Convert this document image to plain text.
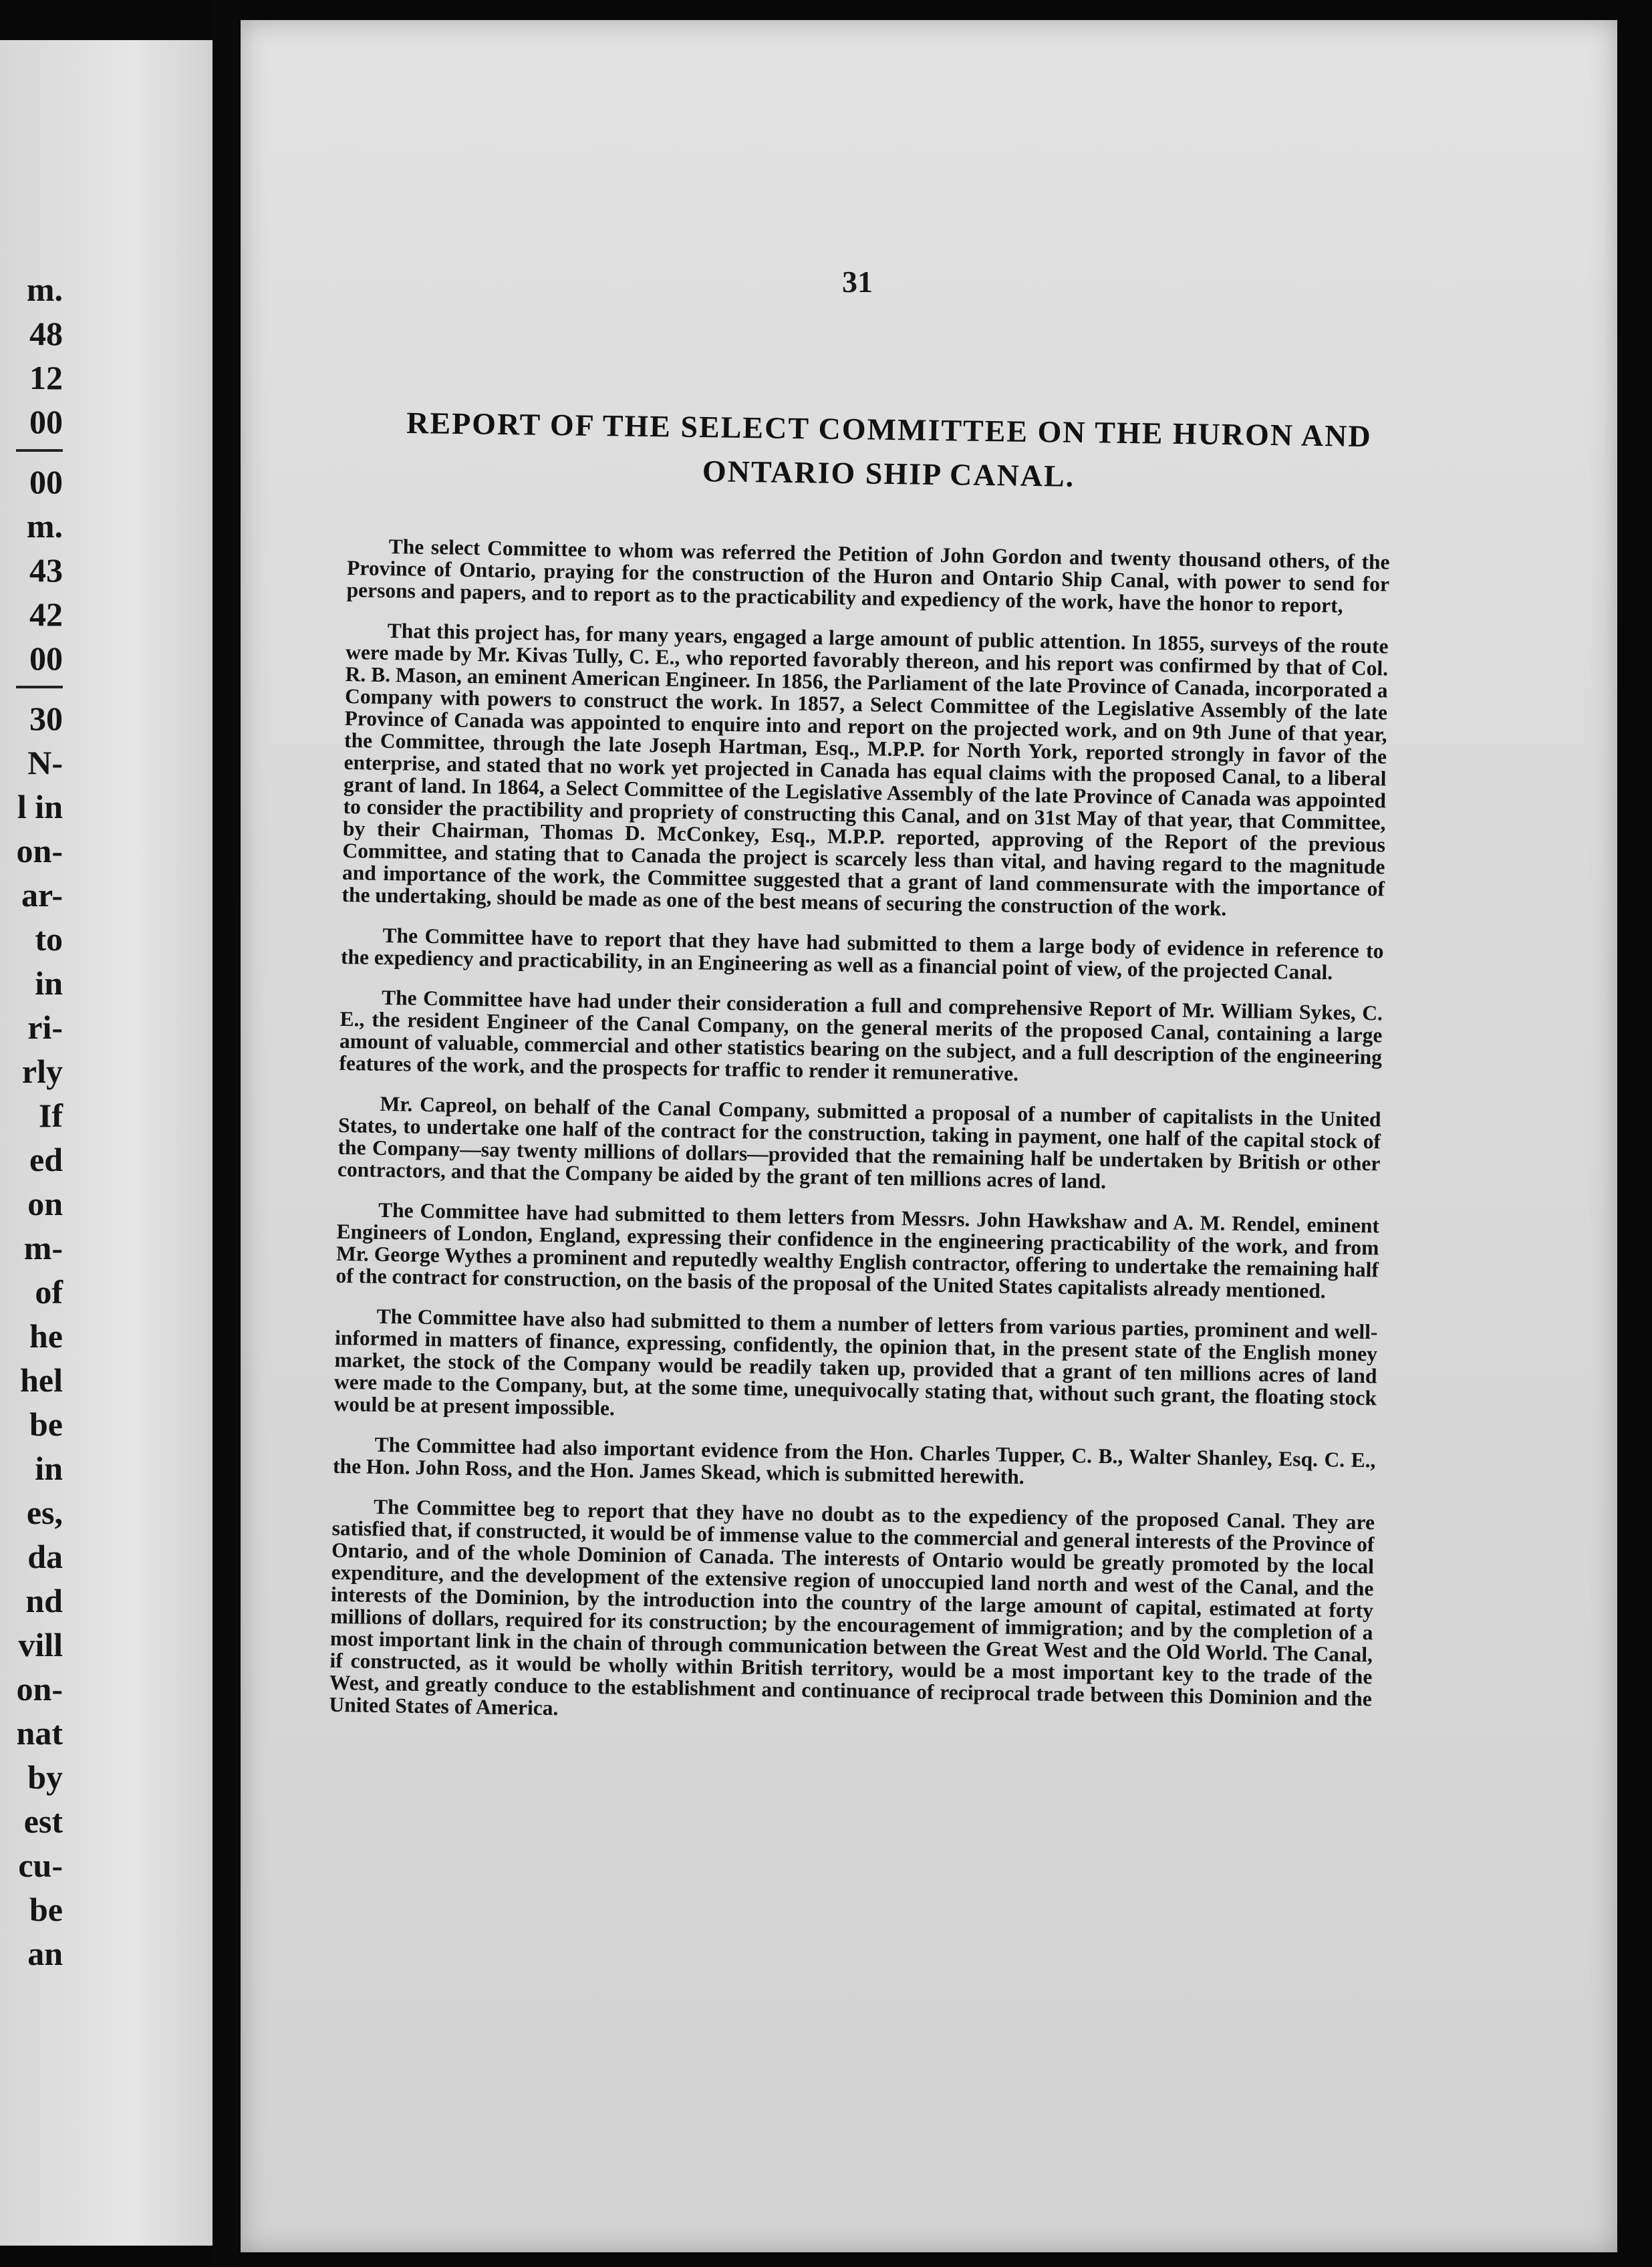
m.
48
12
00
00
m.
43
42
00
30
N-
l in
on-
ar-
to
in
ri-
rly
If
ed
on
m-
of
he
hel
be
in
es,
da
nd
vill
on-
nat
by
est
cu-
be
an
31
REPORT OF THE SELECT COMMITTEE ON THE HURON AND ONTARIO SHIP CANAL.

The select Committee to whom was referred the Petition of John Gordon and twenty thousand others, of the Province of Ontario, praying for the construction of the Huron and Ontario Ship Canal, with power to send for persons and papers, and to report as to the practicability and expediency of the work, have the honor to report,

That this project has, for many years, engaged a large amount of public attention. In 1855, surveys of the route were made by Mr. Kivas Tully, C. E., who reported favorably thereon, and his report was confirmed by that of Col. R. B. Mason, an eminent American Engineer. In 1856, the Parliament of the late Province of Canada, incorporated a Company with powers to construct the work. In 1857, a Select Committee of the Legislative Assembly of the late Province of Canada was appointed to enquire into and report on the projected work, and on 9th June of that year, the Committee, through the late Joseph Hartman, Esq., M.P.P. for North York, reported strongly in favor of the enterprise, and stated that no work yet projected in Canada has equal claims with the proposed Canal, to a liberal grant of land. In 1864, a Select Committee of the Legislative Assembly of the late Province of Canada was appointed to consider the practibility and propriety of constructing this Canal, and on 31st May of that year, that Committee, by their Chairman, Thomas D. McConkey, Esq., M.P.P. reported, approving of the Report of the previous Committee, and stating that to Canada the project is scarcely less than vital, and having regard to the magnitude and importance of the work, the Committee suggested that a grant of land commensurate with the importance of the undertaking, should be made as one of the best means of securing the construction of the work.

The Committee have to report that they have had submitted to them a large body of evidence in reference to the expediency and practicability, in an Engineering as well as a financial point of view, of the projected Canal.

The Committee have had under their consideration a full and comprehensive Report of Mr. William Sykes, C. E., the resident Engineer of the Canal Company, on the general merits of the proposed Canal, containing a large amount of valuable, commercial and other statistics bearing on the subject, and a full description of the engineering features of the work, and the prospects for traffic to render it remunerative.

Mr. Capreol, on behalf of the Canal Company, submitted a proposal of a number of capitalists in the United States, to undertake one half of the contract for the construction, taking in payment, one half of the capital stock of the Company—say twenty millions of dollars—provided that the remaining half be undertaken by British or other contractors, and that the Company be aided by the grant of ten millions acres of land.

The Committee have had submitted to them letters from Messrs. John Hawkshaw and A. M. Rendel, eminent Engineers of London, England, expressing their confidence in the engineering practicability of the work, and from Mr. George Wythes a prominent and reputedly wealthy English contractor, offering to undertake the remaining half of the contract for construction, on the basis of the proposal of the United States capitalists already mentioned.

The Committee have also had submitted to them a number of letters from various parties, prominent and well-informed in matters of finance, expressing, confidently, the opinion that, in the present state of the English money market, the stock of the Company would be readily taken up, provided that a grant of ten millions acres of land were made to the Company, but, at the some time, unequivocally stating that, without such grant, the floating stock would be at present impossible.

The Committee had also important evidence from the Hon. Charles Tupper, C. B., Walter Shanley, Esq. C. E., the Hon. John Ross, and the Hon. James Skead, which is submitted herewith.

The Committee beg to report that they have no doubt as to the expediency of the proposed Canal. They are satisfied that, if constructed, it would be of immense value to the commercial and general interests of the Province of Ontario, and of the whole Dominion of Canada. The interests of Ontario would be greatly promoted by the local expenditure, and the development of the extensive region of unoccupied land north and west of the Canal, and the interests of the Dominion, by the introduction into the country of the large amount of capital, estimated at forty millions of dollars, required for its construction; by the encouragement of immigration; and by the completion of a most important link in the chain of through communication between the Great West and the Old World. The Canal, if constructed, as it would be wholly within British territory, would be a most important key to the trade of the West, and greatly conduce to the establishment and continuance of reciprocal trade between this Dominion and the United States of America.
